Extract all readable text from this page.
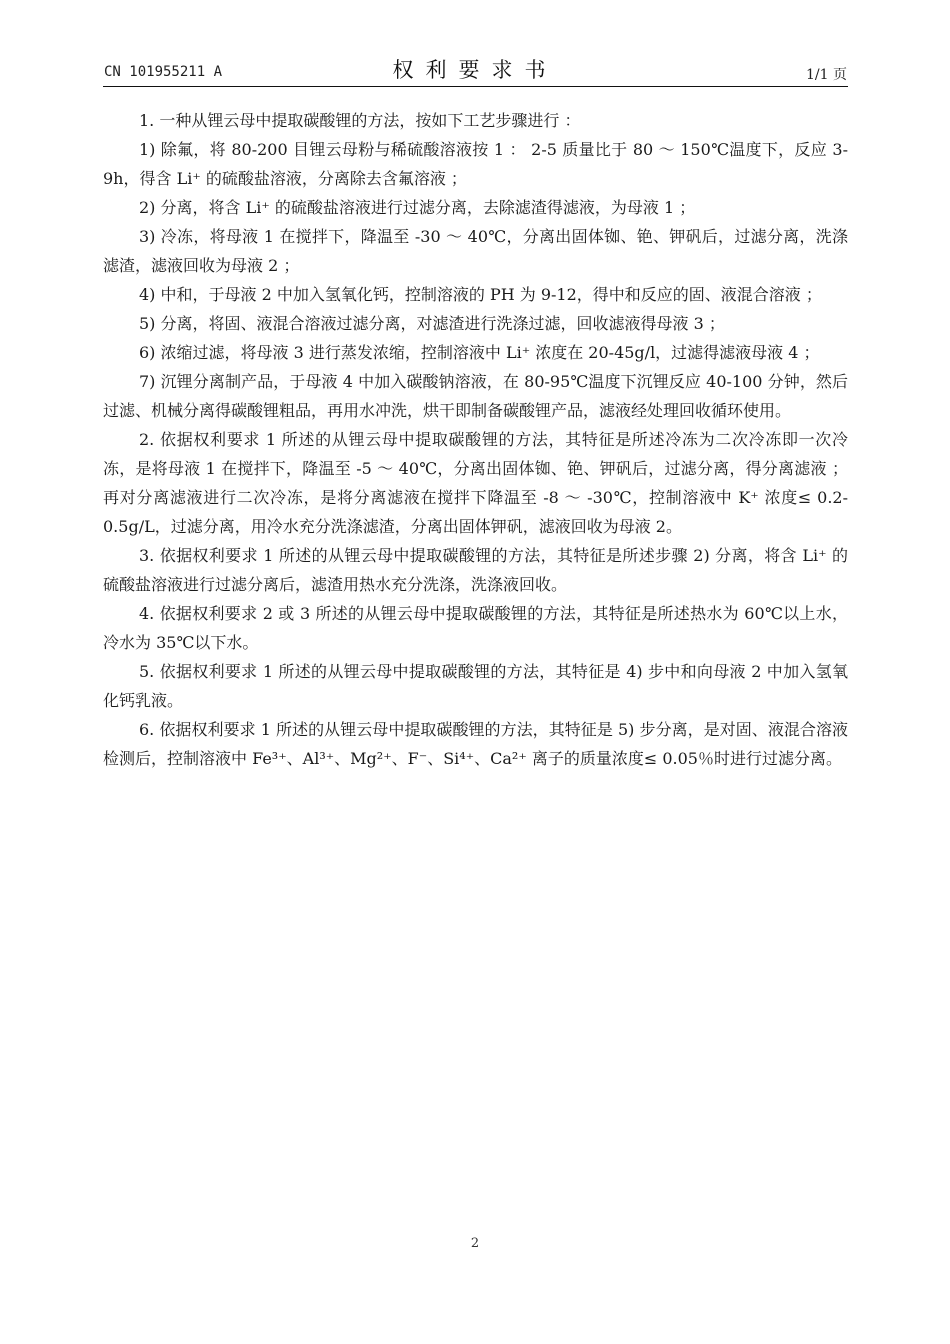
CN 101955211 A	权利要求书	1/1 页

1. 一种从锂云母中提取碳酸锂的方法，按如下工艺步骤进行 ：

1) 除氟，将 80-200 目锂云母粉与稀硫酸溶液按 1 ： 2-5 质量比于 80 ～ 150℃温度下，反应 3-9h，得含 Li⁺ 的硫酸盐溶液，分离除去含氟溶液 ；

2) 分离，将含 Li⁺ 的硫酸盐溶液进行过滤分离，去除滤渣得滤液，为母液 1 ；

3) 冷冻，将母液 1 在搅拌下，降温至 -30 ～ 40℃，分离出固体铷、铯、钾矾后，过滤分离，洗涤滤渣，滤液回收为母液 2 ；

4) 中和，于母液 2 中加入氢氧化钙，控制溶液的 PH 为 9-12，得中和反应的固、液混合溶液 ；

5) 分离，将固、液混合溶液过滤分离，对滤渣进行洗涤过滤，回收滤液得母液 3 ；

6) 浓缩过滤，将母液 3 进行蒸发浓缩，控制溶液中 Li⁺ 浓度在 20-45g/l，过滤得滤液母液 4 ；

7) 沉锂分离制产品，于母液 4 中加入碳酸钠溶液，在 80-95℃温度下沉锂反应 40-100 分钟，然后过滤、机械分离得碳酸锂粗品，再用水冲洗，烘干即制备碳酸锂产品，滤液经处理回收循环使用。

2. 依据权利要求 1 所述的从锂云母中提取碳酸锂的方法，其特征是所述冷冻为二次冷冻即一次冷冻，是将母液 1 在搅拌下，降温至 -5 ～ 40℃，分离出固体铷、铯、钾矾后，过滤分离，得分离滤液 ；再对分离滤液进行二次冷冻，是将分离滤液在搅拌下降温至 -8 ～ -30℃，控制溶液中 K⁺ 浓度≤ 0.2-0.5g/L，过滤分离，用冷水充分洗涤滤渣，分离出固体钾矾，滤液回收为母液 2。

3. 依据权利要求 1 所述的从锂云母中提取碳酸锂的方法，其特征是所述步骤 2) 分离，将含 Li⁺ 的硫酸盐溶液进行过滤分离后，滤渣用热水充分洗涤，洗涤液回收。

4. 依据权利要求 2 或 3 所述的从锂云母中提取碳酸锂的方法，其特征是所述热水为 60℃以上水，冷水为 35℃以下水。

5. 依据权利要求 1 所述的从锂云母中提取碳酸锂的方法，其特征是 4) 步中和向母液 2 中加入氢氧化钙乳液。

6. 依据权利要求 1 所述的从锂云母中提取碳酸锂的方法，其特征是 5) 步分离，是对固、液混合溶液检测后，控制溶液中 Fe³⁺、Al³⁺、Mg²⁺、F⁻、Si⁴⁺、Ca²⁺ 离子的质量浓度≤ 0.05％时进行过滤分离。

2
